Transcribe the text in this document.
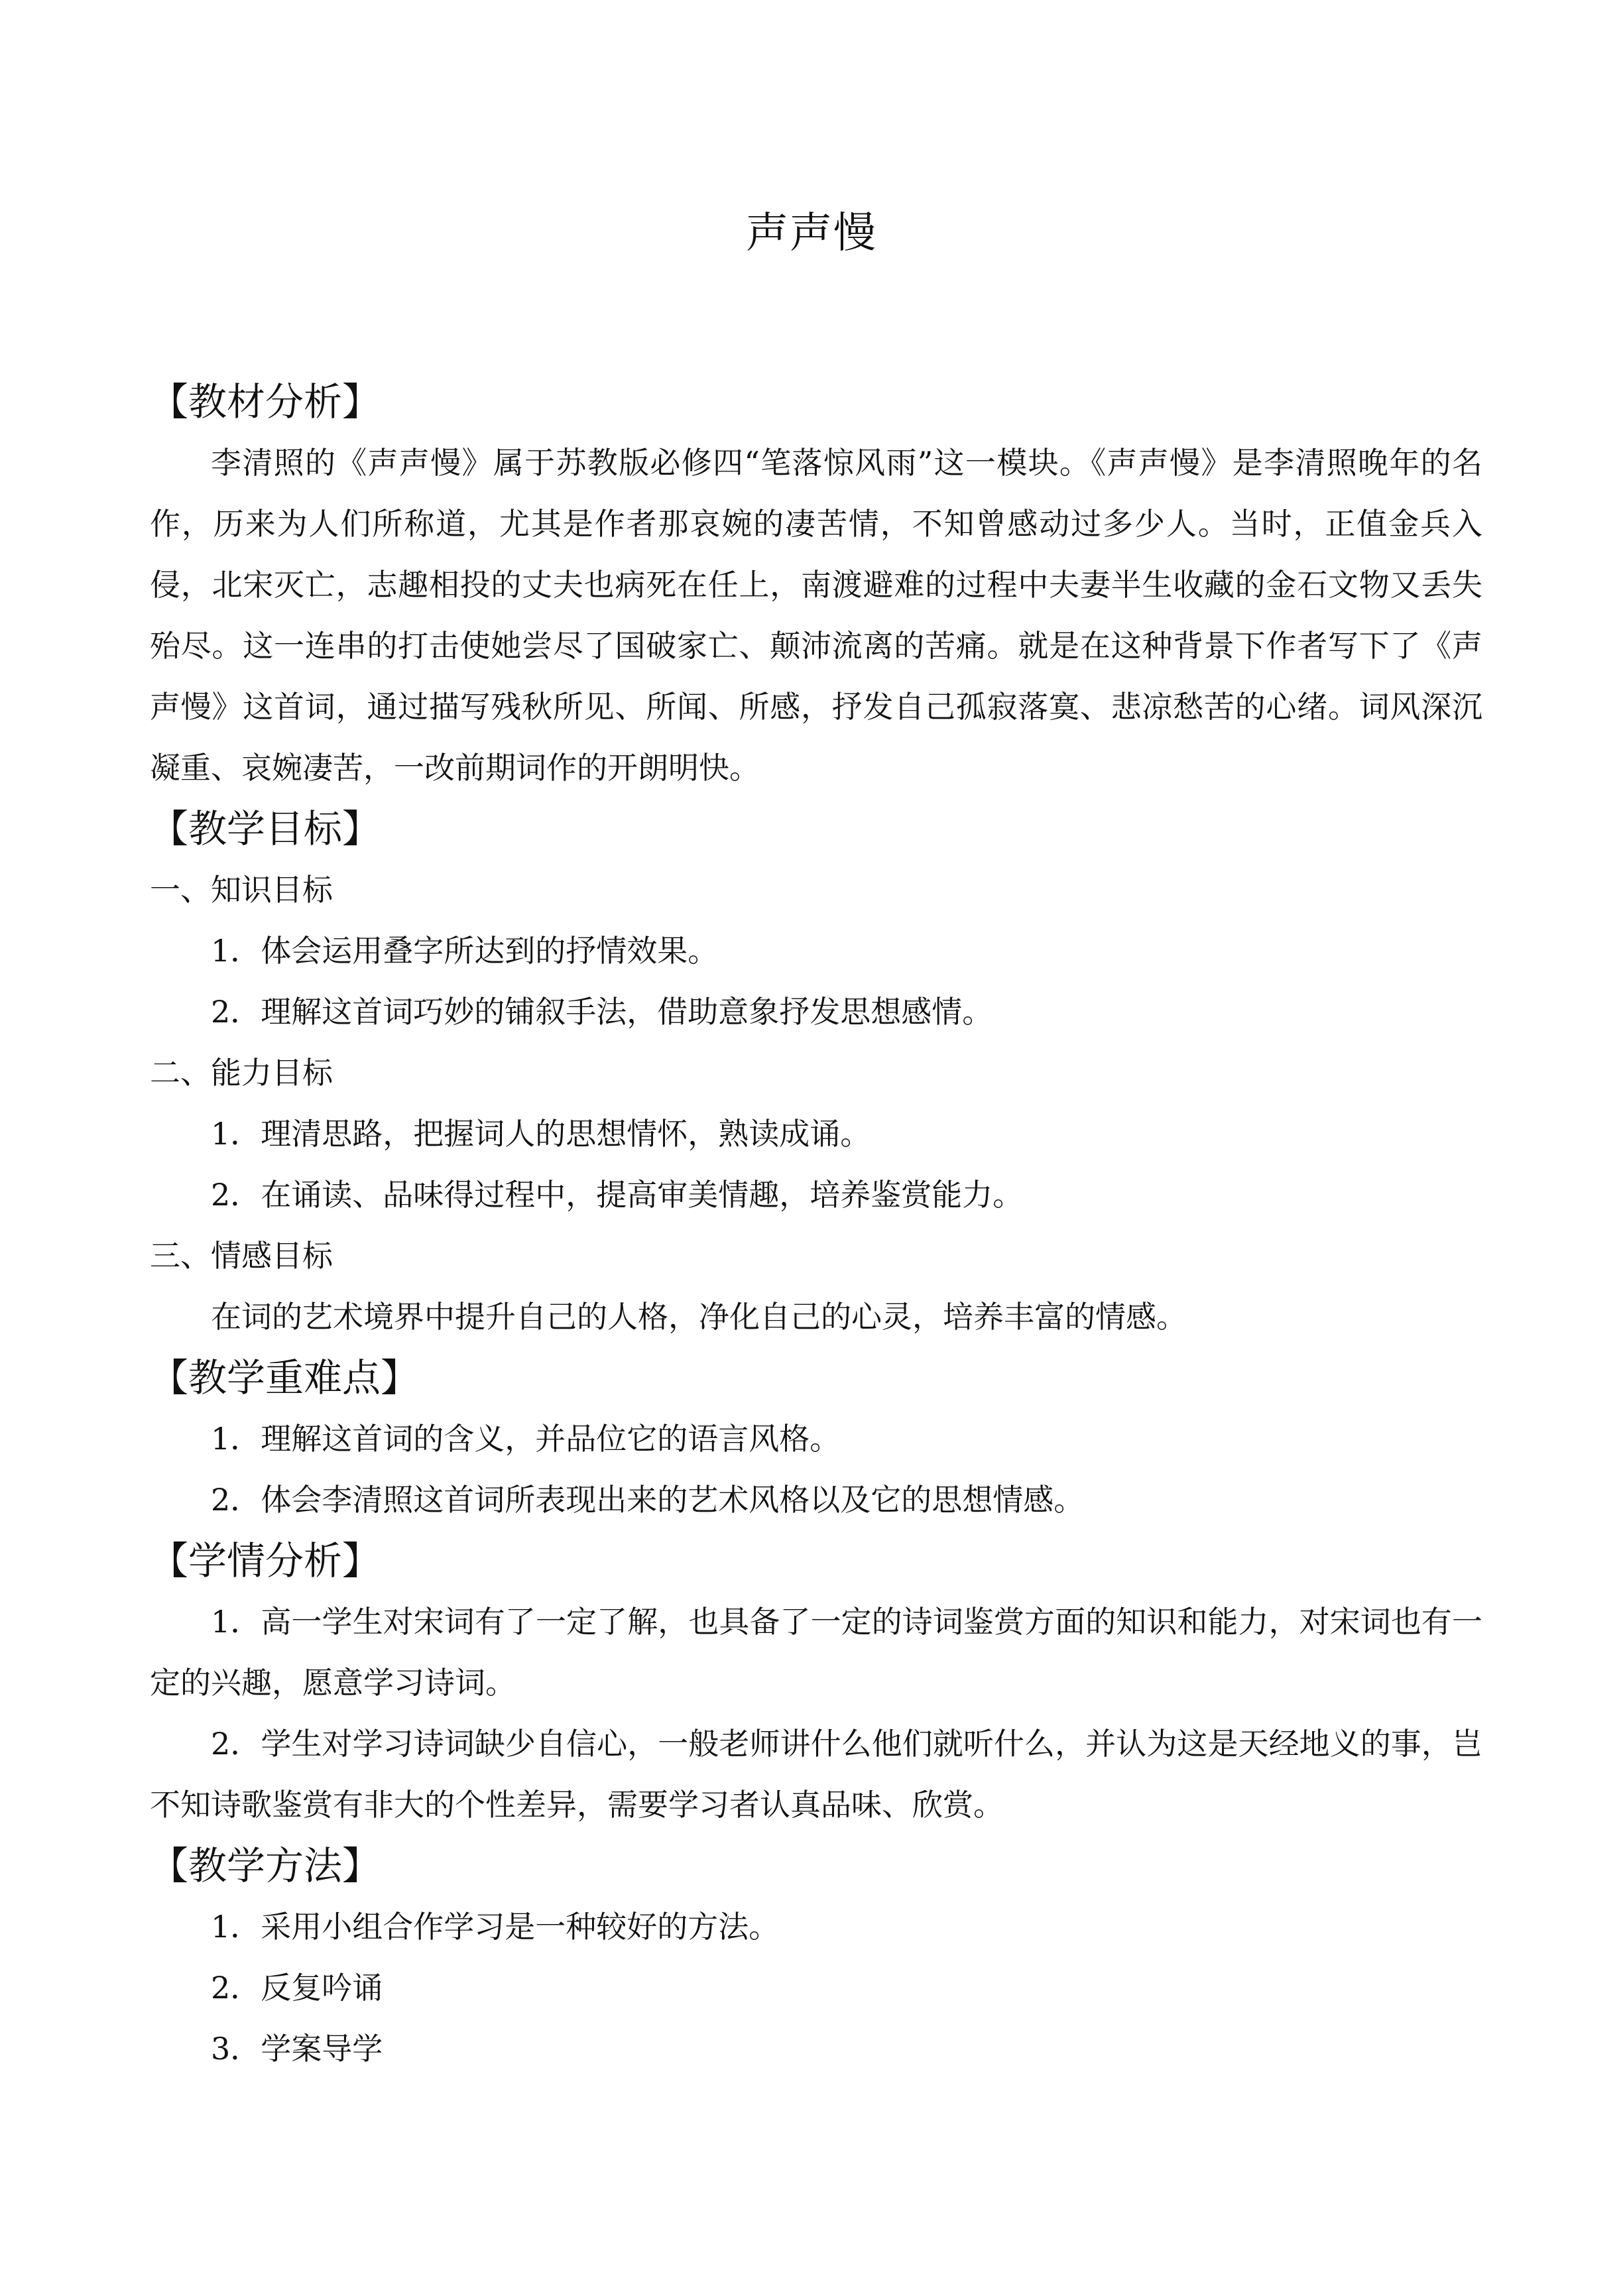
声声慢
【教材分析】

李清照的《声声慢》属于苏教版必修四“笔落惊风雨”这一模块。《声声慢》是李清照晚年的名作，历来为人们所称道，尤其是作者那哀婉的凄苦情，不知曾感动过多少人。当时，正值金兵入侵，北宋灭亡，志趣相投的丈夫也病死在任上，南渡避难的过程中夫妻半生收藏的金石文物又丢失殆尽。这一连串的打击使她尝尽了国破家亡、颠沛流离的苦痛。就是在这种背景下作者写下了《声声慢》这首词，通过描写残秋所见、所闻、所感，抒发自己孤寂落寞、悲凉愁苦的心绪。词风深沉凝重、哀婉凄苦，一改前期词作的开朗明快。

【教学目标】
一、知识目标
1．体会运用叠字所达到的抒情效果。
2．理解这首词巧妙的铺叙手法，借助意象抒发思想感情。
二、能力目标
1．理清思路，把握词人的思想情怀，熟读成诵。
2．在诵读、品味得过程中，提高审美情趣，培养鉴赏能力。
三、情感目标
在词的艺术境界中提升自己的人格，净化自己的心灵，培养丰富的情感。
【教学重难点】
1．理解这首词的含义，并品位它的语言风格。
2．体会李清照这首词所表现出来的艺术风格以及它的思想情感。
【学情分析】

1．高一学生对宋词有了一定了解，也具备了一定的诗词鉴赏方面的知识和能力，对宋词也有一定的兴趣，愿意学习诗词。

2．学生对学习诗词缺少自信心，一般老师讲什么他们就听什么，并认为这是天经地义的事，岂不知诗歌鉴赏有非大的个性差异，需要学习者认真品味、欣赏。

【教学方法】
1．采用小组合作学习是一种较好的方法。
2．反复吟诵
3．学案导学
